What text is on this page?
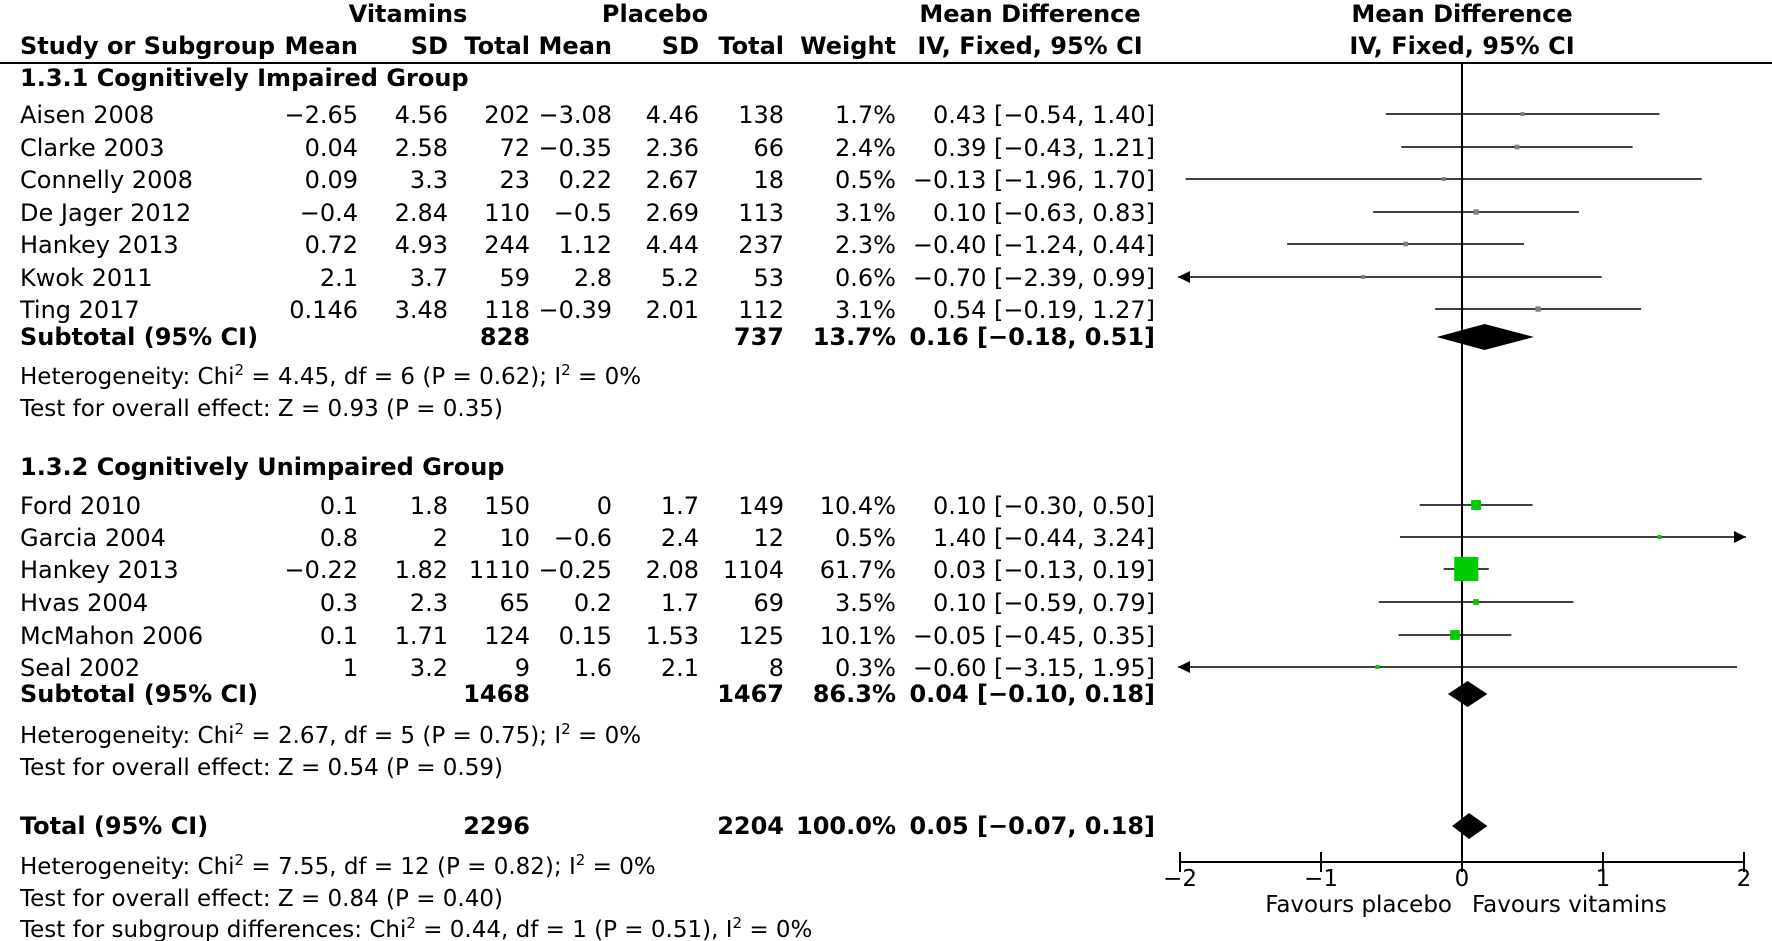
Vitamins	Placebo	Mean Difference	Mean Difference
Study or Subgroup Mean SD Total Mean SD Total Weight IV, Fixed, 95% CI	IV, Fixed, 95% CI
1.3.1 Cognitively Impaired Group
Aisen 2008	−2.65 4.56 202 −3.08 4.46 138 1.7% 0.43 [−0.54, 1.40]
Clarke 2003	0.04 2.58 72 −0.35 2.36 66 2.4% 0.39 [−0.43, 1.21]
Connelly 2008	0.09 3.3 23 0.22 2.67 18 0.5% −0.13 [−1.96, 1.70]
De Jager 2012	−0.4 2.84 110 −0.5 2.69 113 3.1% 0.10 [−0.63, 0.83]
Hankey 2013	0.72 4.93 244 1.12 4.44 237 2.3% −0.40 [−1.24, 0.44]
Kwok 2011	2.1 3.7 59 2.8 5.2 53 0.6% −0.70 [−2.39, 0.99]
Ting 2017	0.146 3.48 118 −0.39 2.01 112 3.1% 0.54 [−0.19, 1.27]
Subtotal (95% CI)	828	737 13.7% 0.16 [−0.18, 0.51]
Heterogeneity: Chi$^2$ = 4.45, df = 6 (P = 0.62); $I^2 = 0\%$
Test for overall effect: Z = 0.93 (P = 0.35)
1.3.2 Cognitively Unimpaired Group
Ford 2010	0.1 1.8 150	0 1.7 149 10.4% 0.10 [−0.30, 0.50]
Garcia 2004	0.8	2 10 −0.6 2.4 12 0.5% 1.40 [−0.44, 3.24]
Hankey 2013	−0.22 1.82 1110 −0.25 2.08 1104 61.7% 0.03 [−0.13, 0.19]
Hvas 2004	0.3 2.3 65 0.2 1.7 69 3.5% 0.10 [−0.59, 0.79]
McMahon 2006	0.1 1.71 124 0.15 1.53 125 10.1% −0.05 [−0.45, 0.35]
Seal 2002	1 3.2	9 1.6 2.1	8 0.3% −0.60 [−3.15, 1.95]
Subtotal (95% CI)	1468	1467 86.3% 0.04 [−0.10, 0.18]
Heterogeneity: Chi$^2$ = 2.67, df = 5 (P = 0.75); $I^2 = 0\%$
Test for overall effect: Z = 0.54 (P = 0.59)
Total (95% CI)	2296	2204 100.0% 0.05 [−0.07, 0.18]
Heterogeneity: Chi$^2$ = 7.55, df = 12 (P = 0.82); $I^2 = 0\%$
Test for overall effect: Z = 0.84 (P = 0.40)
Test for subgroup differences: Chi$^2$ = 0.44, df = 1 (P = 0.51), $I^2 = 0\%$
−2	−1	0	1	2
Favours placebo Favours vitamins
